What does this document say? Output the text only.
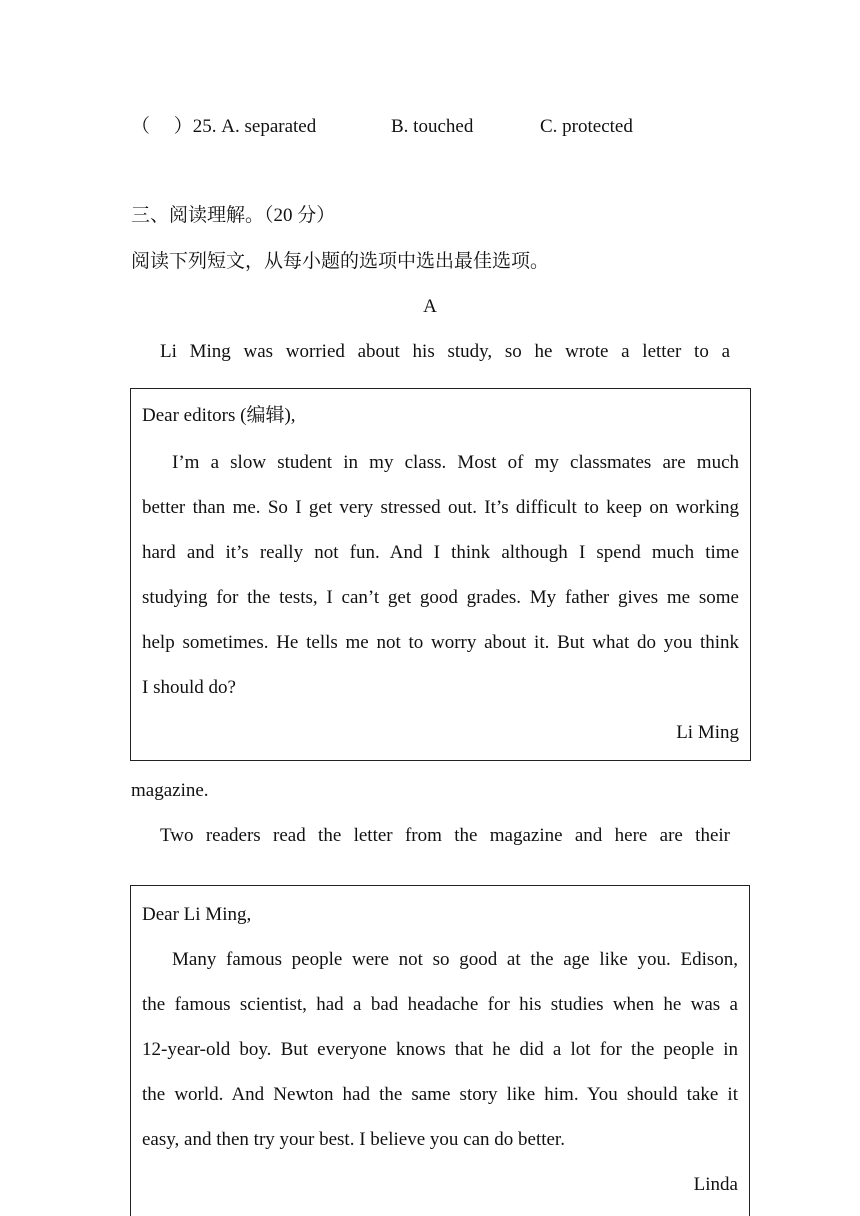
（　 ）25. A. separated	B. touched	C. protected
三、阅读理解。（20 分）
阅读下列短文，从每小题的选项中选出最佳选项。
A
Li Ming was worried about his study, so he wrote a letter to a
Dear editors (编辑),
I’m a slow student in my class. Most of my classmates are much
better than me. So I get very stressed out. It’s difficult to keep on working
hard and it’s really not fun. And I think although I spend much time
studying for the tests, I can’t get good grades. My father gives me some
help sometimes. He tells me not to worry about it. But what do you think
I should do?
Li Ming
magazine.
Two readers read the letter from the magazine and here are their
Dear Li Ming,
Many famous people were not so good at the age like you. Edison,
the famous scientist, had a bad headache for his studies when he was a
12-year-old boy. But everyone knows that he did a lot for the people in
the world. And Newton had the same story like him. You should take it
easy, and then try your best. I believe you can do better.
Linda
